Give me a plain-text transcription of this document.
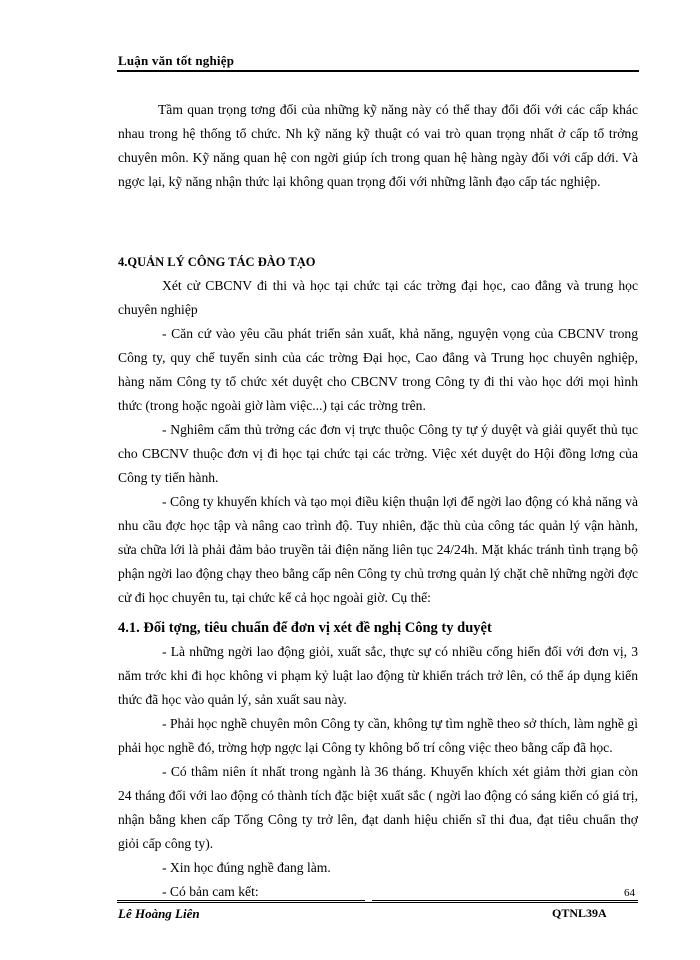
Luận văn tốt nghiệp

Tầm quan trọng tơng đối của những kỹ năng này có thể thay đổi đối với các cấp khác nhau trong hệ thống tổ chức. Nh kỹ năng kỹ thuật có vai trò quan trọng nhất ở cấp tổ trởng chuyên môn. Kỹ năng quan hệ con ngời giúp ích trong quan hệ hàng ngày đối với cấp dới. Và ngợc lại, kỹ năng nhận thức lại không quan trọng đối với những lãnh đạo cấp tác nghiệp.

4.QUẢN LÝ CÔNG TÁC ĐÀO TẠO

Xét cử CBCNV đi thi và học tại chức tại các trờng đại học, cao đẳng và trung học chuyên nghiệp

- Căn cứ vào yêu cầu phát triển sản xuất, khả năng, nguyện vọng của CBCNV trong Công ty, quy chế tuyển sinh của các trờng Đại học, Cao đẳng và Trung học chuyên nghiệp, hàng năm Công ty tổ chức xét duyệt cho CBCNV trong Công ty đi thi vào học dới mọi hình thức (trong hoặc ngoài giờ làm việc...) tại các trờng trên.

- Nghiêm cấm thủ trởng các đơn vị trực thuộc Công ty tự ý duyệt và giải quyết thủ tục cho CBCNV thuộc đơn vị đi học tại chức tại các trờng. Việc xét duyệt do Hội đồng lơng của Công ty tiến hành.

- Công ty khuyến khích và tạo mọi điều kiện thuận lợi để ngời lao động có khả năng và nhu cầu đợc học tập và nâng cao trình độ. Tuy nhiên, đặc thù của công tác quản lý vận hành, sửa chữa lới là phải đảm bảo truyền tải điện năng liên tục 24/24h. Mặt khác tránh tình trạng bộ phận ngời lao động chạy theo bằng cấp nên Công ty chủ trơng quản lý chặt chẽ những ngời đợc cử đi học chuyên tu, tại chức kể cả học ngoài giờ. Cụ thể:

4.1. Đối tợng, tiêu chuẩn để đơn vị xét đề nghị Công ty duyệt

- Là những ngời lao động giỏi, xuất sắc, thực sự có nhiều cống hiến đối với đơn vị, 3 năm trớc khi đi học không vi phạm kỷ luật lao động từ khiển trách trở lên, có thể áp dụng kiến thức đã học vào quản lý, sản xuất sau này.

- Phải học nghề chuyên môn Công ty cần, không tự tìm nghề theo sở thích, làm nghề gì phải học nghề đó, trờng hợp ngợc lại Công ty không bố trí công việc theo bằng cấp đã học.

- Có thâm niên ít nhất trong ngành là 36 tháng. Khuyến khích xét giảm thời gian còn 24 tháng đối với lao động có thành tích đặc biệt xuất sắc ( ngời lao động có sáng kiến có giá trị, nhận bằng khen cấp Tổng Công ty trở lên, đạt danh hiệu chiến sĩ thi đua, đạt tiêu chuẩn thợ giỏi cấp công ty).

- Xin học đúng nghề đang làm.

- Có bản cam kết:	64
Lê Hoàng Liên	QTNL39A
